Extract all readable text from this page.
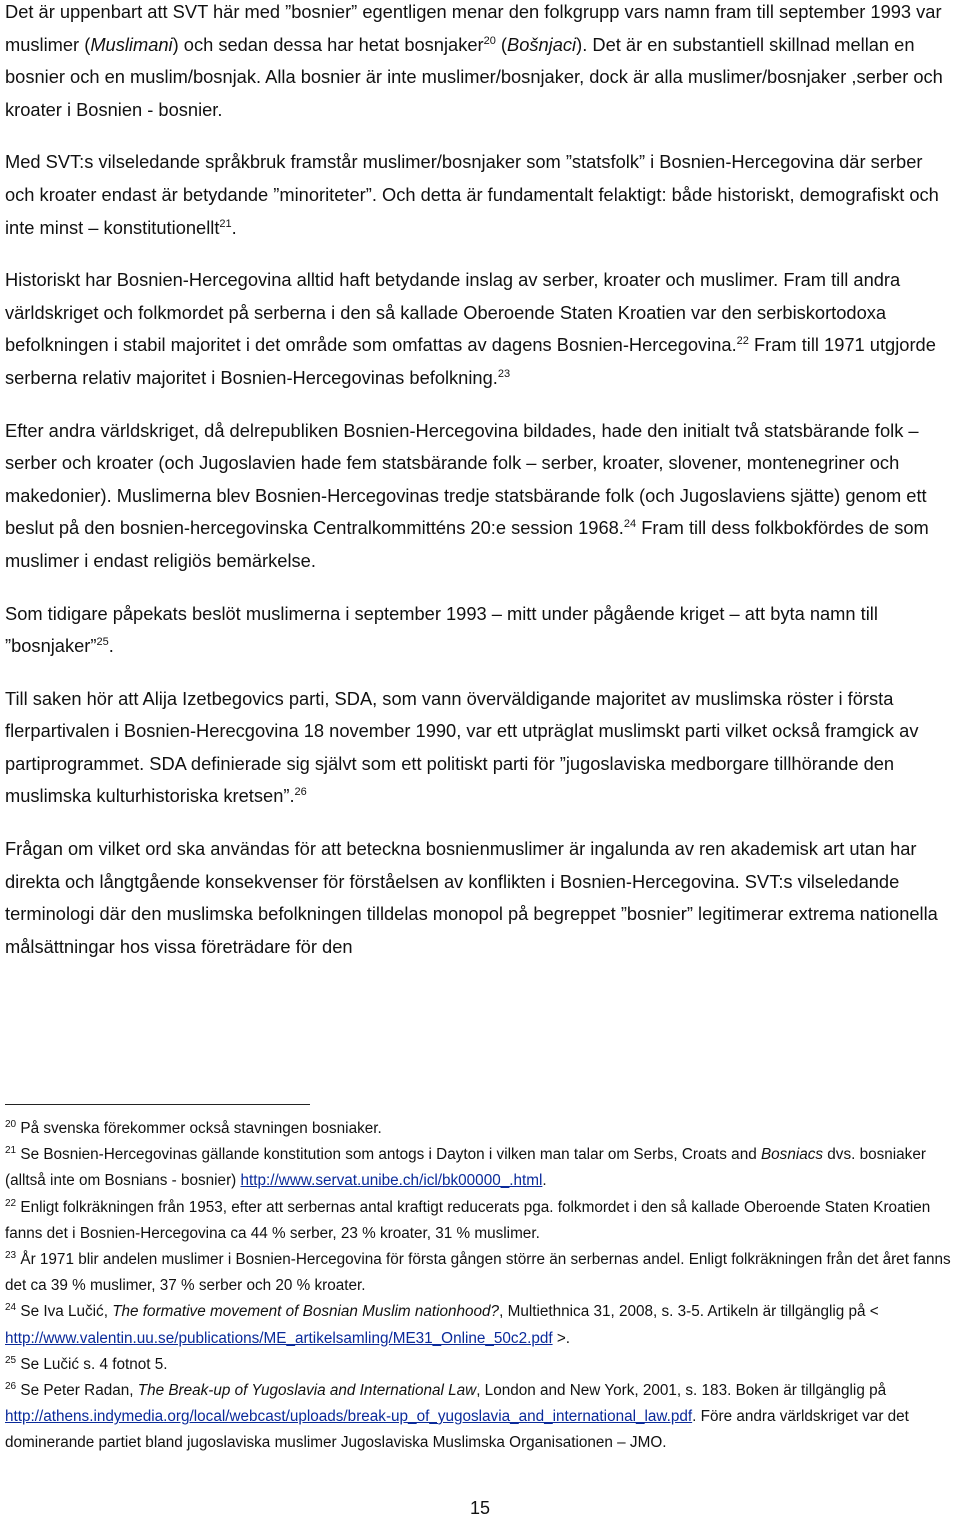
Det är uppenbart att SVT här med ”bosnier” egentligen menar den folkgrupp vars namn fram till september 1993 var muslimer (Muslimani) och sedan dessa har hetat bosnjaker$^{20}$ (Bošnjaci). Det är en substantiell skillnad mellan en bosnier och en muslim/bosnjak. Alla bosnier är inte muslimer/bosnjaker, dock är alla muslimer/bosnjaker ,serber och kroater i Bosnien - bosnier.

Med SVT:s vilseledande språkbruk framstår muslimer/bosnjaker som ”statsfolk” i Bosnien-Hercegovina där serber och kroater endast är betydande ”minoriteter”. Och detta är fundamentalt felaktigt: både historiskt, demografiskt och inte minst – konstitutionellt$^{21}$.

Historiskt har Bosnien-Hercegovina alltid haft betydande inslag av serber, kroater och muslimer. Fram till andra världskriget och folkmordet på serberna i den så kallade Oberoende Staten Kroatien var den serbiskortodoxa befolkningen i stabil majoritet i det område som omfattas av dagens Bosnien-Hercegovina.$^{22}$ Fram till 1971 utgjorde serberna relativ majoritet i Bosnien-Hercegovinas befolkning.$^{23}$

Efter andra världskriget, då delrepubliken Bosnien-Hercegovina bildades, hade den initialt två statsbärande folk – serber och kroater (och Jugoslavien hade fem statsbärande folk – serber, kroater, slovener, montenegriner och makedonier). Muslimerna blev Bosnien-Hercegovinas tredje statsbärande folk (och Jugoslaviens sjätte) genom ett beslut på den bosnien-hercegovinska Centralkommitténs 20:e session 1968.24 Fram till dess folkbokfördes de som muslimer i endast religiös bemärkelse.

Som tidigare påpekats beslöt muslimerna i september 1993 – mitt under pågående kriget – att byta namn till ”bosnjaker”$^{25}$.

Till saken hör att Alija Izetbegovics parti, SDA, som vann överväldigande majoritet av muslimska röster i första flerpartivalen i Bosnien-Herecgovina 18 november 1990, var ett utpräglat muslimskt parti vilket också framgick av partiprogrammet. SDA definierade sig självt som ett politiskt parti för ”jugoslaviska medborgare tillhörande den muslimska kulturhistoriska kretsen”.$^{26}$

Frågan om vilket ord ska användas för att beteckna bosnienmuslimer är ingalunda av ren akademisk art utan har direkta och långtgående konsekvenser för förståelsen av konflikten i Bosnien-Hercegovina. SVT:s vilseledande terminologi där den muslimska befolkningen tilldelas monopol på begreppet ”bosnier” legitimerar extrema nationella målsättningar hos vissa företrädare för den

$^{20}$ På svenska förekommer också stavningen bosniaker.

$^{21}$ Se Bosnien-Hercegovinas gällande konstitution som antogs i Dayton i vilken man talar om Serbs, Croats and Bosniacs dvs. bosniaker (alltså inte om Bosnians - bosnier) http://www.servat.unibe.ch/icl/bk00000_.html.

$^{22}$ Enligt folkräkningen från 1953, efter att serbernas antal kraftigt reducerats pga. folkmordet i den så kallade Oberoende Staten Kroatien fanns det i Bosnien-Hercegovina ca 44 % serber, 23 % kroater, 31 % muslimer.

$^{23}$ År 1971 blir andelen muslimer i Bosnien-Hercegovina för första gången större än serbernas andel. Enligt folkräkningen från det året fanns det ca 39 % muslimer, 37 % serber och 20 % kroater.

$^{24}$ Se Iva Lučić, The formative movement of Bosnian Muslim nationhood?, Multiethnica 31, 2008, s. 3-5. Artikeln är tillgänglig på < http://www.valentin.uu.se/publications/ME_artikelsamling/ME31_Online_50c2.pdf >.

$^{25}$ Se Lučić s. 4 fotnot 5.

$^{26}$ Se Peter Radan, The Break-up of Yugoslavia and International Law, London and New York, 2001, s. 183. Boken är tillgänglig på http://athens.indymedia.org/local/webcast/uploads/break-up_of_yugoslavia_and_international_law.pdf. Före andra världskriget var det dominerande partiet bland jugoslaviska muslimer Jugoslaviska Muslimska Organisationen – JMO.

15
